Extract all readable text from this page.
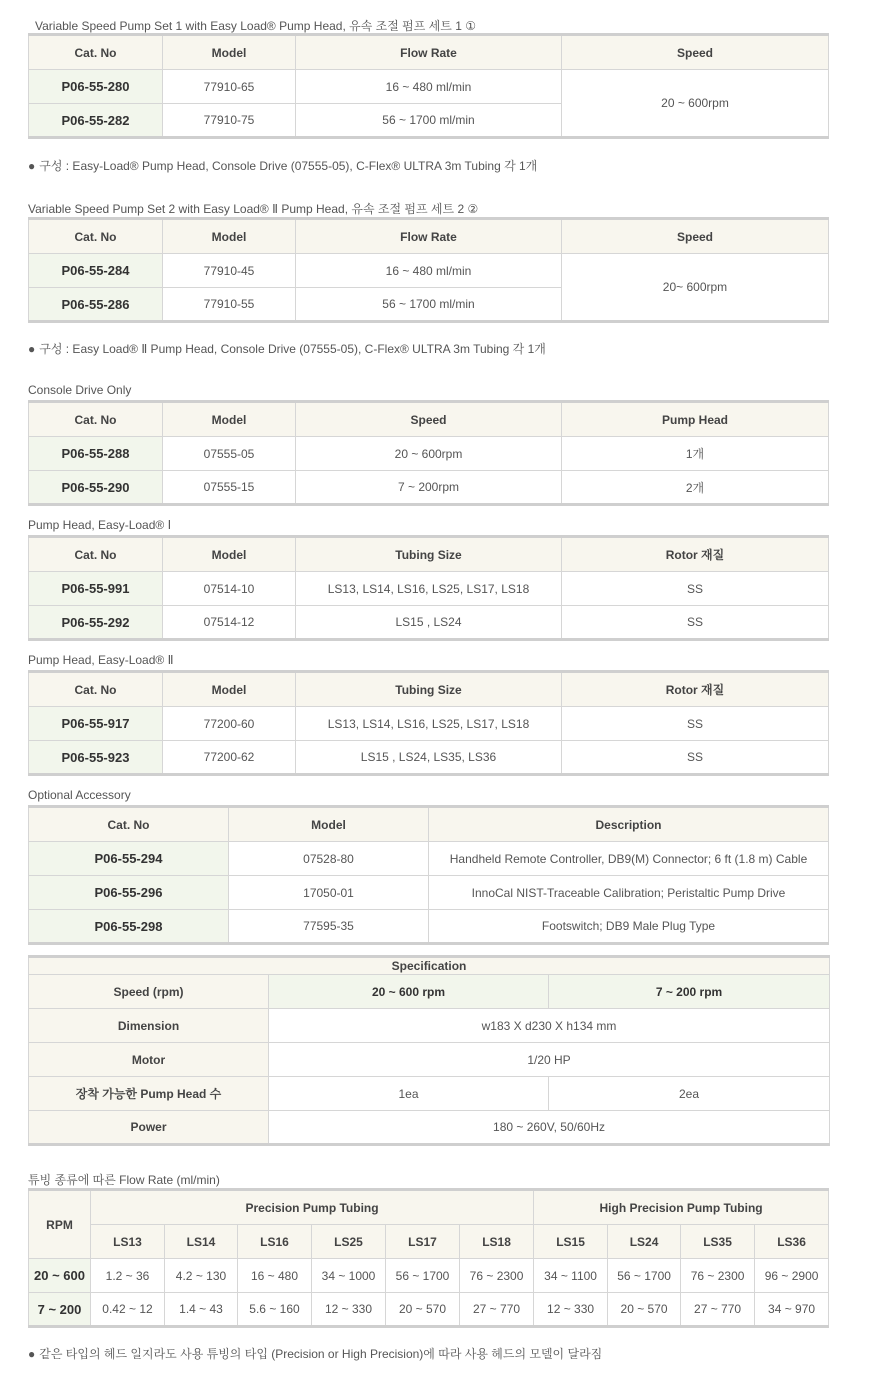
Variable Speed Pump Set 1 with Easy Load® Pump Head, 유속 조절 펌프 세트 1 ①
Cat. No	Model	Flow Rate	Speed
P06-55-280	77910-65	16 ~ 480 ml/min	20 ~ 600rpm
P06-55-282	77910-75	56 ~ 1700 ml/min	
● 구성 : Easy-Load® Pump Head, Console Drive (07555-05), C-Flex® ULTRA 3m Tubing 각 1개
Variable Speed Pump Set 2 with Easy Load® Ⅱ Pump Head, 유속 조절 펌프 세트 2 ②
Cat. No	Model	Flow Rate	Speed
P06-55-284	77910-45	16 ~ 480 ml/min	20~ 600rpm
P06-55-286	77910-55	56 ~ 1700 ml/min	
● 구성 : Easy Load® Ⅱ Pump Head, Console Drive (07555-05), C-Flex® ULTRA 3m Tubing 각 1개
Console Drive Only
Cat. No	Model	Speed	Pump Head
P06-55-288	07555-05	20 ~ 600rpm	1개
P06-55-290	07555-15	7 ~ 200rpm	2개
Pump Head, Easy-Load® Ⅰ
Cat. No	Model	Tubing Size	Rotor 재질
P06-55-991	07514-10	LS13, LS14, LS16, LS25, LS17, LS18	SS
P06-55-292	07514-12	LS15 , LS24	SS
Pump Head, Easy-Load® Ⅱ
Cat. No	Model	Tubing Size	Rotor 재질
P06-55-917	77200-60	LS13, LS14, LS16, LS25, LS17, LS18	SS
P06-55-923	77200-62	LS15 , LS24, LS35, LS36	SS
Optional Accessory
Cat. No	Model	Description
P06-55-294	07528-80	Handheld Remote Controller, DB9(M) Connector; 6 ft (1.8 m) Cable
P06-55-296	17050-01	InnoCal NIST-Traceable Calibration; Peristaltic Pump Drive
P06-55-298	77595-35	Footswitch; DB9 Male Plug Type
Specification		
Speed (rpm)	20 ~ 600 rpm	7 ~ 200 rpm
Dimension	w183 X d230 X h134 mm	
Motor	1/20 HP	
장착 가능한 Pump Head 수	1ea	2ea
Power	180 ~ 260V, 50/60Hz	
튜빙 종류에 따른 Flow Rate (ml/min)
RPM	Precision Pump Tubing						High Precision Pump Tubing			
	LS13	LS14	LS16	LS25	LS17	LS18	LS15	LS24	LS35	LS36
20 ~ 600	1.2 ~ 36	4.2 ~ 130	16 ~ 480	34 ~ 1000	56 ~ 1700	76 ~ 2300	34 ~ 1100	56 ~ 1700	76 ~ 2300	96 ~ 2900
7 ~ 200	0.42 ~ 12	1.4 ~ 43	5.6 ~ 160	12 ~ 330	20 ~ 570	27 ~ 770	12 ~ 330	20 ~ 570	27 ~ 770	34 ~ 970
● 같은 타입의 헤드 일지라도 사용 튜빙의 타입 (Precision or High Precision)에 따라 사용 헤드의 모델이 달라짐
